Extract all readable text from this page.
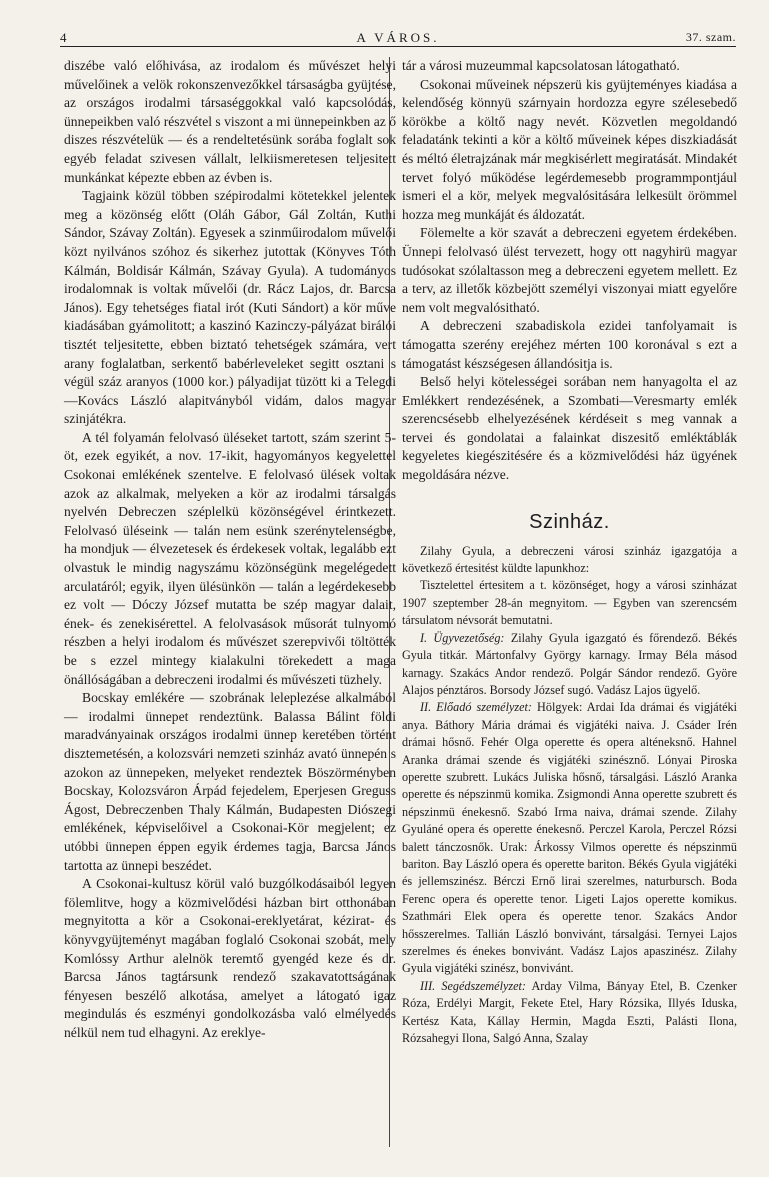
4	A VÁROS.	37. szam.

diszébe való előhivása, az irodalom és művészet helyi művelőinek a velök rokonszenvezőkkel társaságba gyüjtése, az országos irodalmi társaséggokkal való kapcsolódás, ünnepeikben való részvétel s viszont a mi ünnepeinkben az ő diszes részvételük — és a rendeltetésünk sorába foglalt sok egyéb feladat szivesen vállalt, lelkiismeretesen teljesitett munkánkat képezte ebben az évben is.

Tagjaink közül többen szépirodalmi kötetekkel jelentek meg a közönség előtt (Oláh Gábor, Gál Zoltán, Kuthi Sándor, Szávay Zoltán). Egyesek a szinműirodalom művelői közt nyilvános szóhoz és sikerhez jutottak (Könyves Tóth Kálmán, Boldisár Kálmán, Szávay Gyula). A tudományos irodalomnak is voltak művelői (dr. Rácz Lajos, dr. Barcsa János). Egy tehetséges fiatal irót (Kuti Sándort) a kör műve kiadásában gyámolitott; a kaszinó Kazinczy-pályázat birálói tisztét teljesitette, ebben biztató tehetségek számára, vert arany foglalatban, serkentő babérleveleket segitt osztani s végül száz aranyos (1000 kor.) pályadijat tüzött ki a Telegdi—Kovács László alapitványból vidám, dalos magyar szinjátékra.

A tél folyamán felolvasó üléseket tartott, szám szerint 5-öt, ezek egyikét, a nov. 17-ikit, hagyományos kegyelettel Csokonai emlékének szentelve. E felolvasó ülések voltak azok az alkalmak, melyeken a kör az irodalmi társalgás nyelvén Debreczen széplelkü közönségével érintkezett. Felolvasó üléseink — talán nem esünk szerénytelenségbe, ha mondjuk — élvezetesek és érdekesek voltak, legalább ezt olvastuk le mindig nagyszámu közönségünk megelégedett arculatáról; egyik, ilyen ülésünkön — talán a legérdekesebb ez volt — Dóczy József mutatta be szép magyar dalait, ének- és zenekisérettel. A felolvasások műsorát tulnyomó részben a helyi irodalom és művészet szerepvivői töltötték be s ezzel mintegy kialakulni törekedett a maga önállóságában a debreczeni irodalmi és művészeti tüzhely.

Bocskay emlékére — szobrának leleplezése alkalmából — irodalmi ünnepet rendeztünk. Balassa Bálint földi maradványainak országos irodalmi ünnep keretében történt disztemetésén, a kolozsvári nemzeti szinház avató ünnepén s azokon az ünnepeken, melyeket rendeztek Böszörményben Bocskay, Kolozsváron Árpád fejedelem, Eperjesen Greguss Ágost, Debreczenben Thaly Kálmán, Budapesten Diószegi emlékének, képviselőivel a Csokonai-Kör megjelent; ez utóbbi ünnepen éppen egyik érdemes tagja, Barcsa János tartotta az ünnepi beszédet.

A Csokonai-kultusz körül való buzgólkodásaiból legyen fölemlitve, hogy a közmivelődési házban birt otthonában megnyitotta a kör a Csokonai-ereklyetárat, kézirat- és könyvgyüjteményt magában foglaló Csokonai szobát, mely Komlóssy Arthur alelnök teremtő gyengéd keze és dr. Barcsa János tagtársunk rendező szakavatottságának fényesen beszélő alkotása, amelyet a látogató igaz megindulás és eszményi gondolkozásba való elmélyedés nélkül nem tud elhagyni. Az ereklye-

tár a városi muzeummal kapcsolatosan látogatható.

Csokonai műveinek népszerü kis gyüjteményes kiadása a kelendőség könnyü szárnyain hordozza egyre szélesebedő körökbe a költő nagy nevét. Közvetlen megoldandó feladatánk tekinti a kör a költő műveinek képes diszkiadását és méltó életrajzának már megkisérlett megiratását. Mindakét tervet folyó működése legérdemesebb programmpontjául ismeri el a kör, melyek megvalósitására lelkesült örömmel hozza meg munkáját és áldozatát.

Fölemelte a kör szavát a debreczeni egyetem érdekében. Ünnepi felolvasó ülést tervezett, hogy ott nagyhirü magyar tudósokat szólaltasson meg a debreczeni egyetem mellett. Ez a terv, az illetők közbejött személyi viszonyai miatt egyelőre nem volt megvalósitható.

A debreczeni szabadiskola ezidei tanfolyamait is támogatta szerény erejéhez mérten 100 koronával s ezt a támogatást készségesen állandósitja is.

Belső helyi kötelességei sorában nem hanyagolta el az Emlékkert rendezésének, a Szombati—Veresmarty emlék szerencsésebb elhelyezésének kérdéseit s meg vannak a tervei és gondolatai a falainkat diszesitő emléktáblák kegyeletes kiegészitésére és a közmivelődési ház ügyének megoldására nézve.

Szinház.

Zilahy Gyula, a debreczeni városi szinház igazgatója a következő értesitést küldte lapunkhoz:

Tisztelettel értesitem a t. közönséget, hogy a városi szinházat 1907 szeptember 28-án megnyitom. — Egyben van szerencsém társulatom névsorát bemutatni.

I. Ügyvezetőség: Zilahy Gyula igazgató és főrendező. Békés Gyula titkár. Mártonfalvy György karnagy. Irmay Béla másod karnagy. Szakács Andor rendező. Polgár Sándor rendező. Györe Alajos pénztáros. Borsody József sugó. Vadász Lajos ügyelő.

II. Előadó személyzet: Hölgyek: Ardai Ida drámai és vigjátéki anya. Báthory Mária drámai és vigjátéki naiva. J. Csáder Irén drámai hősnő. Fehér Olga operette és opera alténeksnő. Hahnel Aranka drámai szende és vigjátéki szinésznő. Lónyai Piroska operette szubrett. Lukács Juliska hősnő, társalgási. László Aranka operette és népszinmü komika. Zsigmondi Anna operette szubrett és népszinmü énekesnő. Szabó Irma naiva, drámai szende. Zilahy Gyuláné opera és operette énekesnő. Perczel Karola, Perczel Rózsi balett tánczosnők. Urak: Árkossy Vilmos operette és népszinmü bariton. Bay László opera és operette bariton. Békés Gyula vigjátéki és jellemszinész. Bérczi Ernő lirai szerelmes, naturbursch. Boda Ferenc opera és operette tenor. Ligeti Lajos operette komikus. Szathmári Elek opera és operette tenor. Szakács Andor hősszerelmes. Tallián László bonvivánt, társalgási. Ternyei Lajos szerelmes és énekes bonvivánt. Vadász Lajos apaszinész. Zilahy Gyula vigjátéki szinész, bonvivánt.

III. Segédszemélyzet: Arday Vilma, Bányay Etel, B. Czenker Róza, Erdélyi Margit, Fekete Etel, Hary Rózsika, Illyés Iduska, Kertész Kata, Kállay Hermin, Magda Eszti, Palásti Ilona, Rózsahegyi Ilona, Salgó Anna, Szalay
